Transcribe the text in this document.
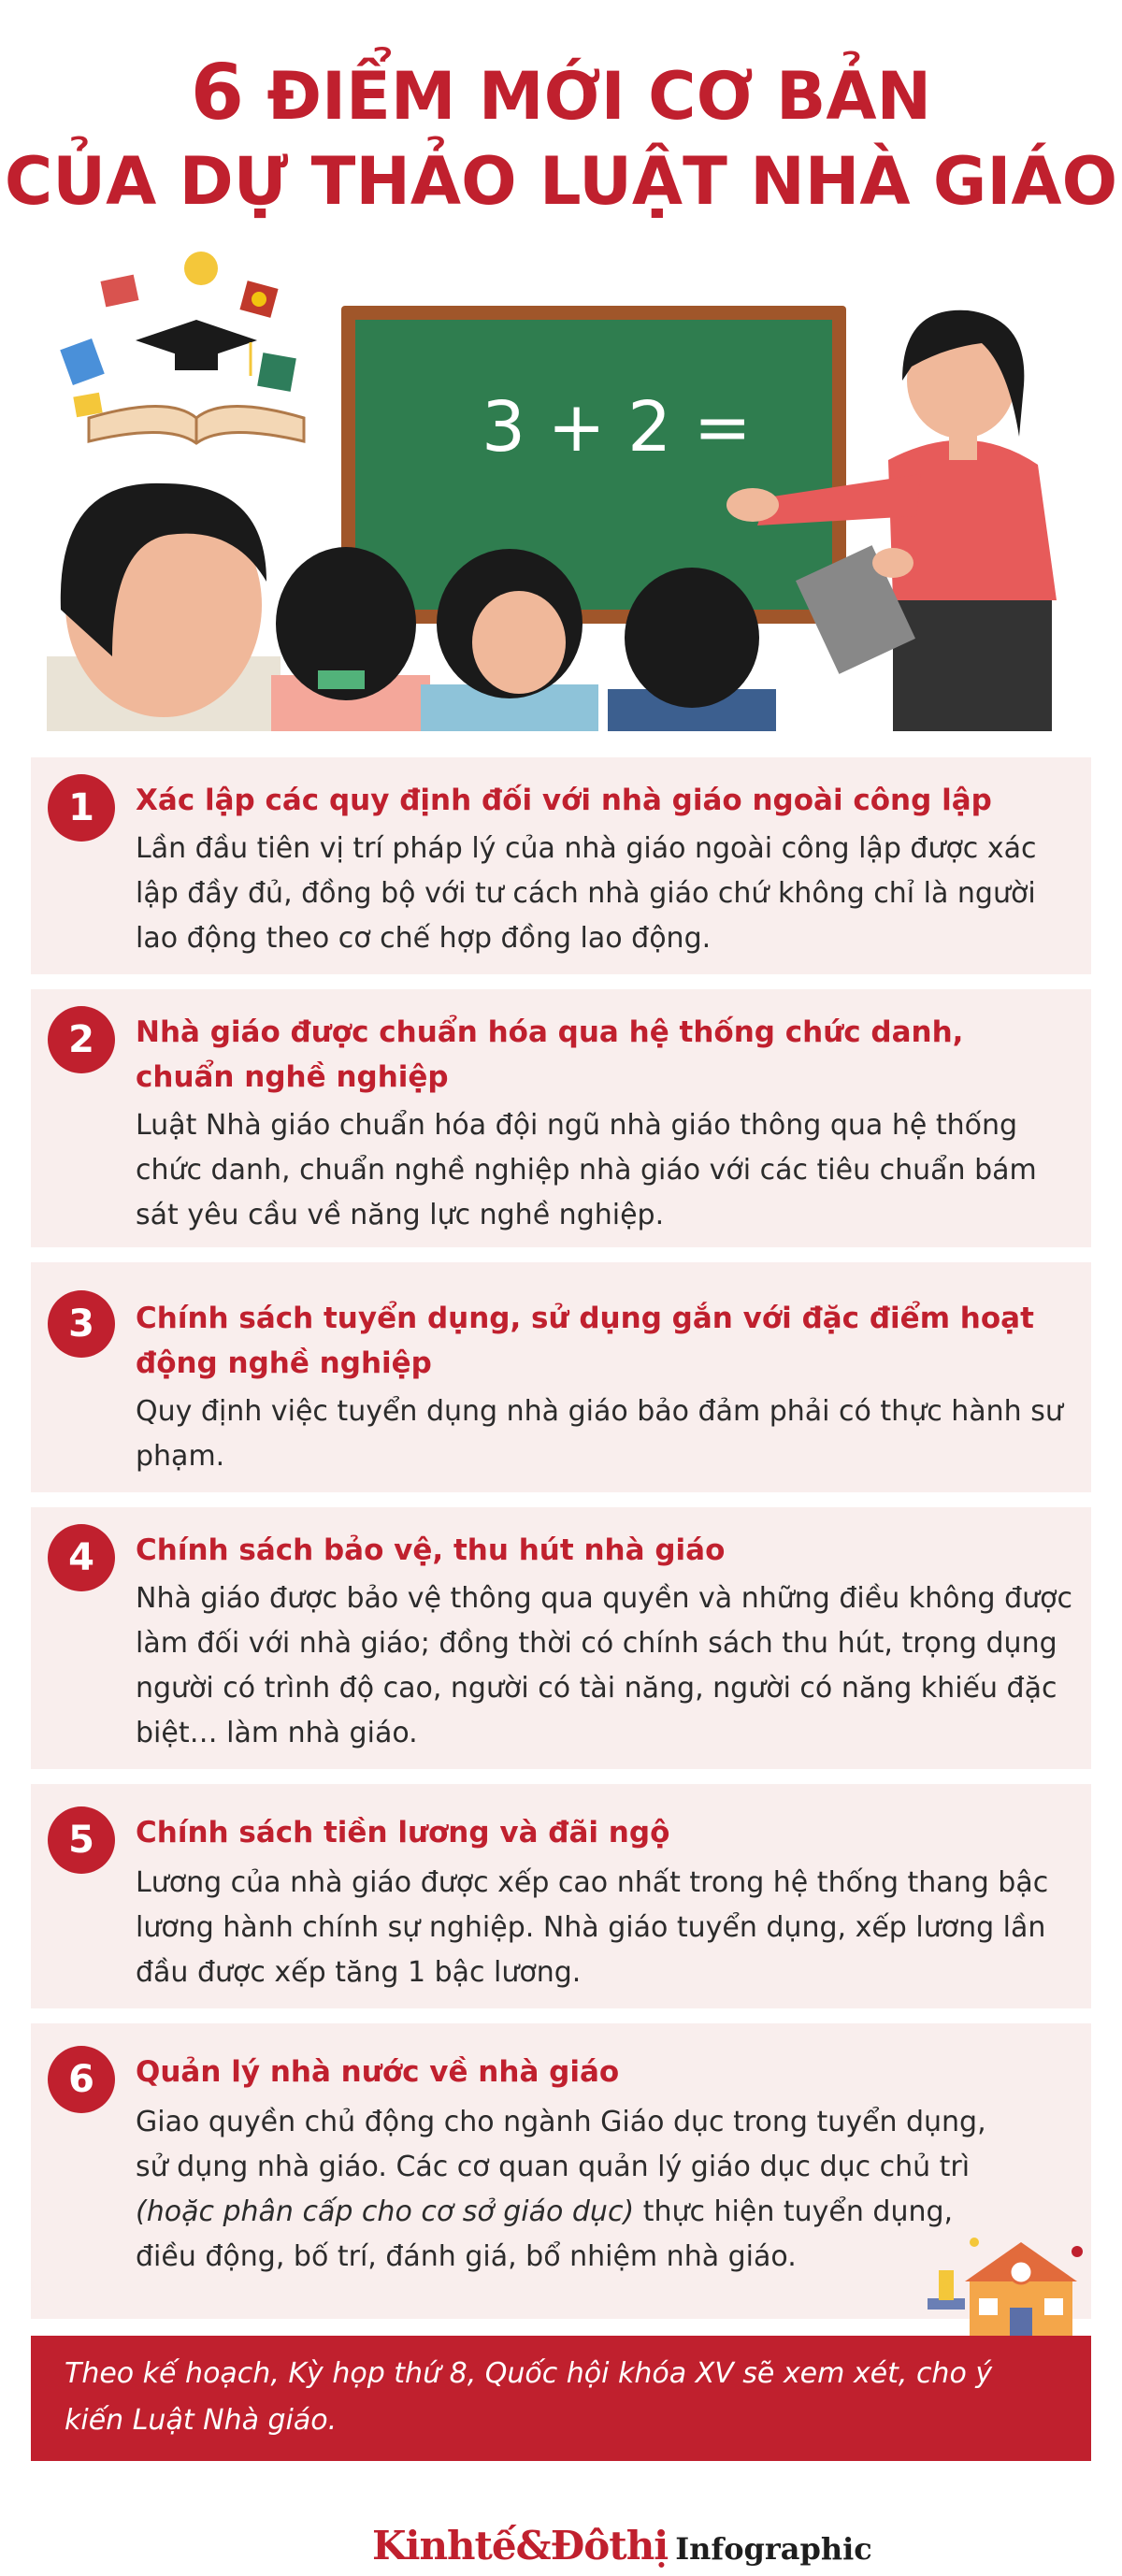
6 ĐIỂM MỚI CƠ BẢN
CỦA DỰ THẢO LUẬT NHÀ GIÁO
3 + 2 =
1	Xác lập các quy định đối với nhà giáo ngoài công lập

Lần đầu tiên vị trí pháp lý của nhà giáo ngoài công lập được xác lập đầy đủ, đồng bộ với tư cách nhà giáo chứ không chỉ là người lao động theo cơ chế hợp đồng lao động.

2	Nhà giáo được chuẩn hóa qua hệ thống chức danh, chuẩn nghề nghiệp

Luật Nhà giáo chuẩn hóa đội ngũ nhà giáo thông qua hệ thống chức danh, chuẩn nghề nghiệp nhà giáo với các tiêu chuẩn bám sát yêu cầu về năng lực nghề nghiệp.

3	Chính sách tuyển dụng, sử dụng gắn với đặc điểm hoạt động nghề nghiệp

Quy định việc tuyển dụng nhà giáo bảo đảm phải có thực hành sư phạm.

4	Chính sách bảo vệ, thu hút nhà giáo

Nhà giáo được bảo vệ thông qua quyền và những điều không được làm đối với nhà giáo; đồng thời có chính sách thu hút, trọng dụng người có trình độ cao, người có tài năng, người có năng khiếu đặc biệt… làm nhà giáo.

5	Chính sách tiền lương và đãi ngộ

Lương của nhà giáo được xếp cao nhất trong hệ thống thang bậc lương hành chính sự nghiệp. Nhà giáo tuyển dụng, xếp lương lần đầu được xếp tăng 1 bậc lương.

6	Quản lý nhà nước về nhà giáo

Giao quyền chủ động cho ngành Giáo dục trong tuyển dụng, sử dụng nhà giáo. Các cơ quan quản lý giáo dục dục chủ trì (hoặc phân cấp cho cơ sở giáo dục) thực hiện tuyển dụng, điều động, bố trí, đánh giá, bổ nhiệm nhà giáo.

Theo kế hoạch, Kỳ họp thứ 8, Quốc hội khóa XV sẽ xem xét, cho ý kiến Luật Nhà giáo.

Kinhtế&Đôthị Infographic
